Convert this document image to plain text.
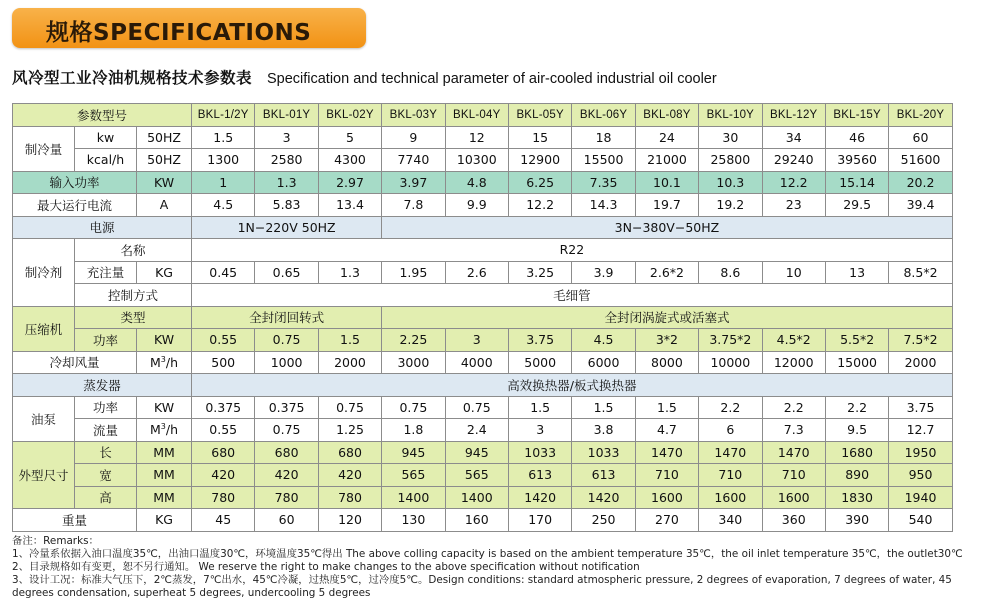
规格SPECIFICATIONS
风冷型工业冷油机规格技术参数表 Specification and technical parameter of air-cooled industrial oil cooler
参数型号			BKL-1/2Y	BKL-01Y	BKL-02Y	BKL-03Y	BKL-04Y	BKL-05Y	BKL-06Y	BKL-08Y	BKL-10Y	BKL-12Y	BKL-15Y	BKL-20Y
制冷量	kw	50HZ	1.5	3	5	9	12	15	18	24	30	34	46	60
	kcal/h	50HZ	1300	2580	4300	7740	10300	12900	15500	21000	25800	29240	39560	51600
输入功率		KW	1	1.3	2.97	3.97	4.8	6.25	7.35	10.1	10.3	12.2	15.14	20.2
最大运行电流		A	4.5	5.83	13.4	7.8	9.9	12.2	14.3	19.7	19.2	23	29.5	39.4
电源			1N−220V 50HZ			3N−380V−50HZ								
制冷剂	名称		R22											
	充注量	KG	0.45	0.65	1.3	1.95	2.6	3.25	3.9	2.6*2	8.6	10	13	8.5*2
	控制方式		毛细管											
压缩机	类型		全封闭回转式			全封闭涡旋式或活塞式								
	功率	KW	0.55	0.75	1.5	2.25	3	3.75	4.5	3*2	3.75*2	4.5*2	5.5*2	7.5*2
冷却风量		$M^3/h$	500	1000	2000	3000	4000	5000	6000	8000	10000	12000	15000	2000
蒸发器			高效换热器/板式换热器											
油泵	功率	KW	0.375	0.375	0.75	0.75	0.75	1.5	1.5	1.5	2.2	2.2	2.2	3.75
	流量	$M^3/h$	0.55	0.75	1.25	1.8	2.4	3	3.8	4.7	6	7.3	9.5	12.7
外型尺寸	长	MM	680	680	680	945	945	1033	1033	1470	1470	1470	1680	1950
	宽	MM	420	420	420	565	565	613	613	710	710	710	890	950
	高	MM	780	780	780	1400	1400	1420	1420	1600	1600	1600	1830	1940
重量		KG	45	60	120	130	160	170	250	270	340	360	390	540
备注：Remarks：
1、冷量系依据入油口温度35℃，出油口温度30℃，环境温度35℃得出 The above colling capacity is based on the ambient temperature 35℃，the oil inlet temperature 35℃，the outlet30℃
2、目录规格如有变更，恕不另行通知。 We reserve the right to make changes to the above specification without notification
3、设计工况：标准大气压下，2℃蒸发，7℃出水，45℃冷凝，过热度5℃，过冷度5℃。Design conditions: standard atmospheric pressure, 2 degrees of evaporation, 7 degrees of water, 45 degrees condensation, superheat 5 degrees, undercooling 5 degrees
